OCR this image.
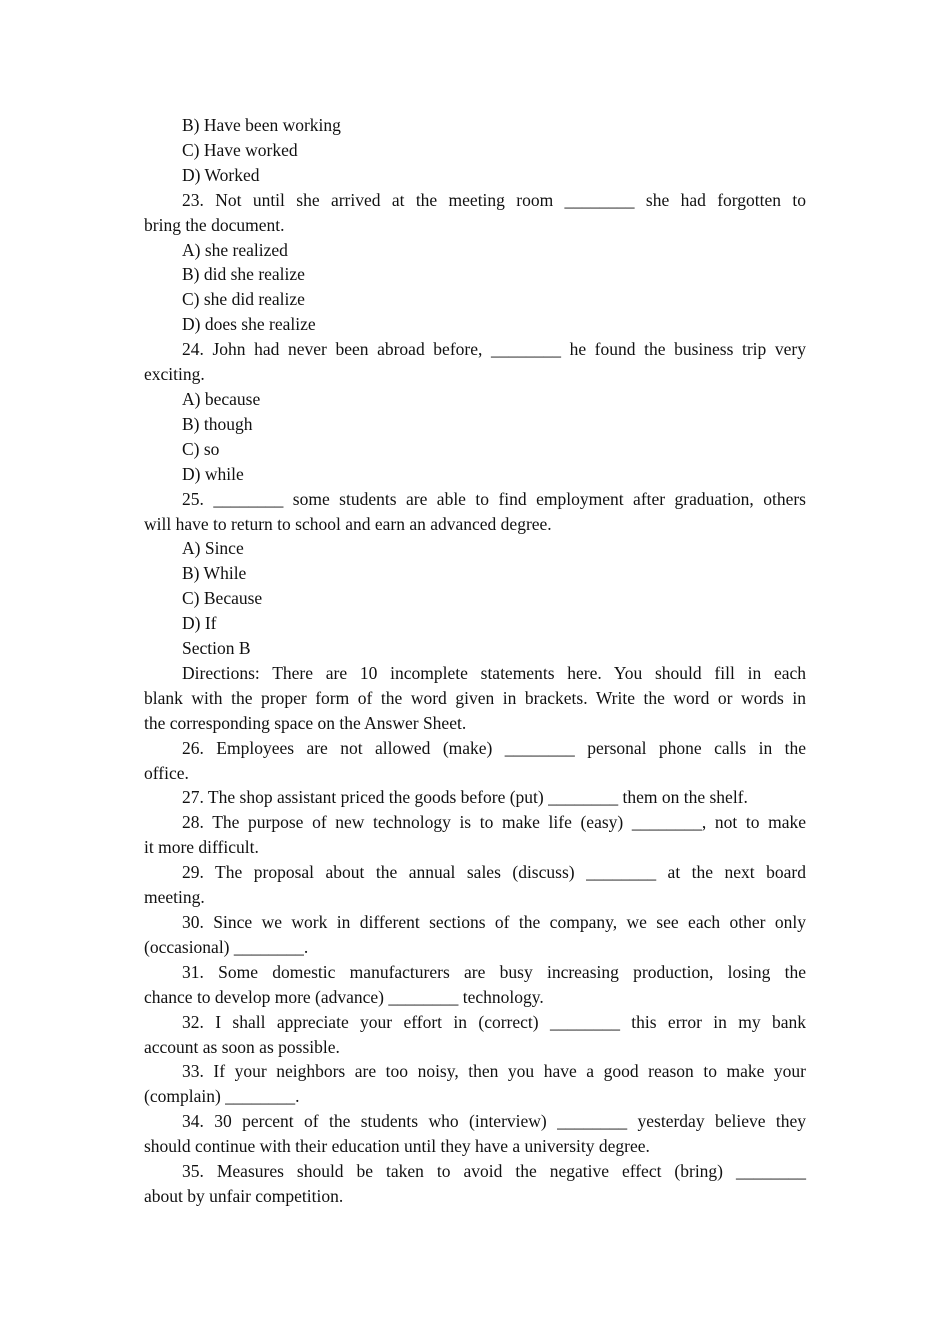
B) Have been working
C) Have worked
D) Worked
23. Not until she arrived at the meeting room ________ she had forgotten to
bring the document.
A) she realized
B) did she realize
C) she did realize
D) does she realize
24. John had never been abroad before, ________ he found the business trip very
exciting.
A) because
B) though
C) so
D) while
25. ________ some students are able to find employment after graduation, others
will have to return to school and earn an advanced degree.
A) Since
B) While
C) Because
D) If
Section B
Directions: There are 10 incomplete statements here. You should fill in each
blank with the proper form of the word given in brackets. Write the word or words in
the corresponding space on the Answer Sheet.
26. Employees are not allowed (make) ________ personal phone calls in the
office.
27. The shop assistant priced the goods before (put) ________ them on the shelf.
28. The purpose of new technology is to make life (easy) ________, not to make
it more difficult.
29. The proposal about the annual sales (discuss) ________ at the next board
meeting.
30. Since we work in different sections of the company, we see each other only
(occasional) ________.
31. Some domestic manufacturers are busy increasing production, losing the
chance to develop more (advance) ________ technology.
32. I shall appreciate your effort in (correct) ________ this error in my bank
account as soon as possible.
33. If your neighbors are too noisy, then you have a good reason to make your
(complain) ________.
34. 30 percent of the students who (interview) ________ yesterday believe they
should continue with their education until they have a university degree.
35. Measures should be taken to avoid the negative effect (bring) ________
about by unfair competition.
